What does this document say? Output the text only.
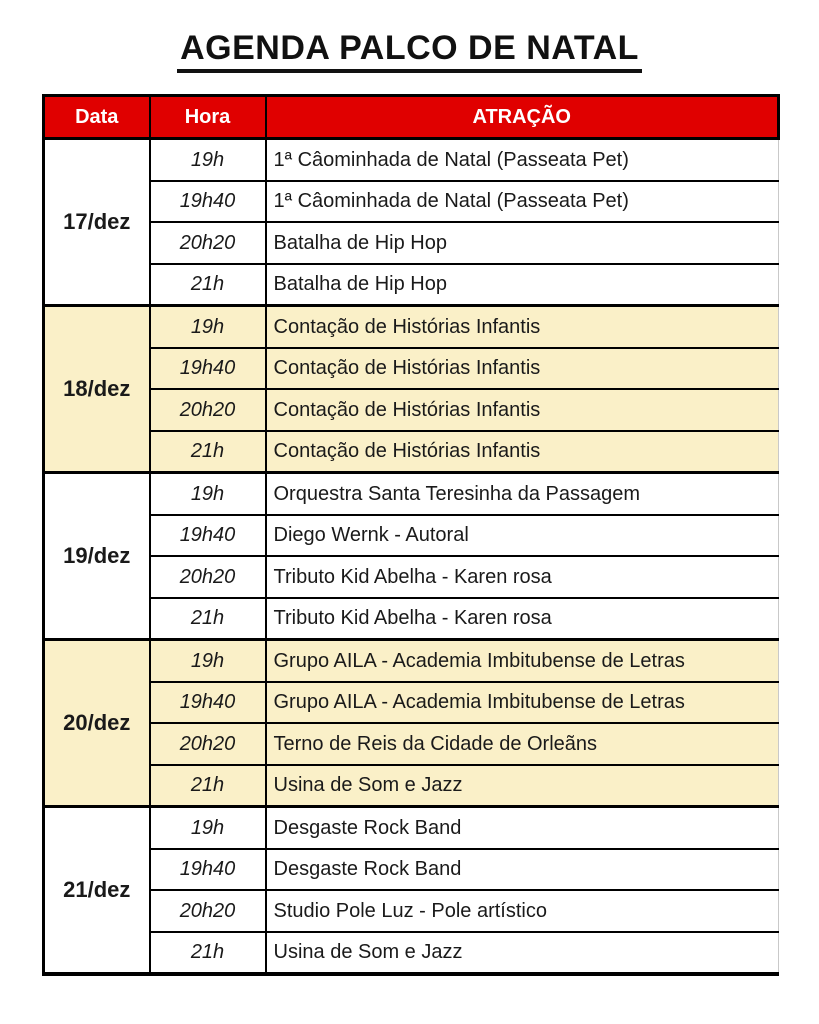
AGENDA PALCO DE NATAL
Data	Hora	ATRAÇÃO
17/dez	19h	1ª Câominhada de Natal (Passeata Pet)
	19h40	1ª Câominhada de Natal (Passeata Pet)
	20h20	Batalha de Hip Hop
	21h	Batalha de Hip Hop
18/dez	19h	Contação de Histórias Infantis
	19h40	Contação de Histórias Infantis
	20h20	Contação de Histórias Infantis
	21h	Contação de Histórias Infantis
19/dez	19h	Orquestra Santa Teresinha da Passagem
	19h40	Diego Wernk - Autoral
	20h20	Tributo Kid Abelha - Karen rosa
	21h	Tributo Kid Abelha - Karen rosa
20/dez	19h	Grupo AILA - Academia Imbitubense de Letras
	19h40	Grupo AILA - Academia Imbitubense de Letras
	20h20	Terno de Reis da Cidade de Orleãns
	21h	Usina de Som e Jazz
21/dez	19h	Desgaste Rock Band
	19h40	Desgaste Rock Band
	20h20	Studio Pole Luz - Pole artístico
	21h	Usina de Som e Jazz
